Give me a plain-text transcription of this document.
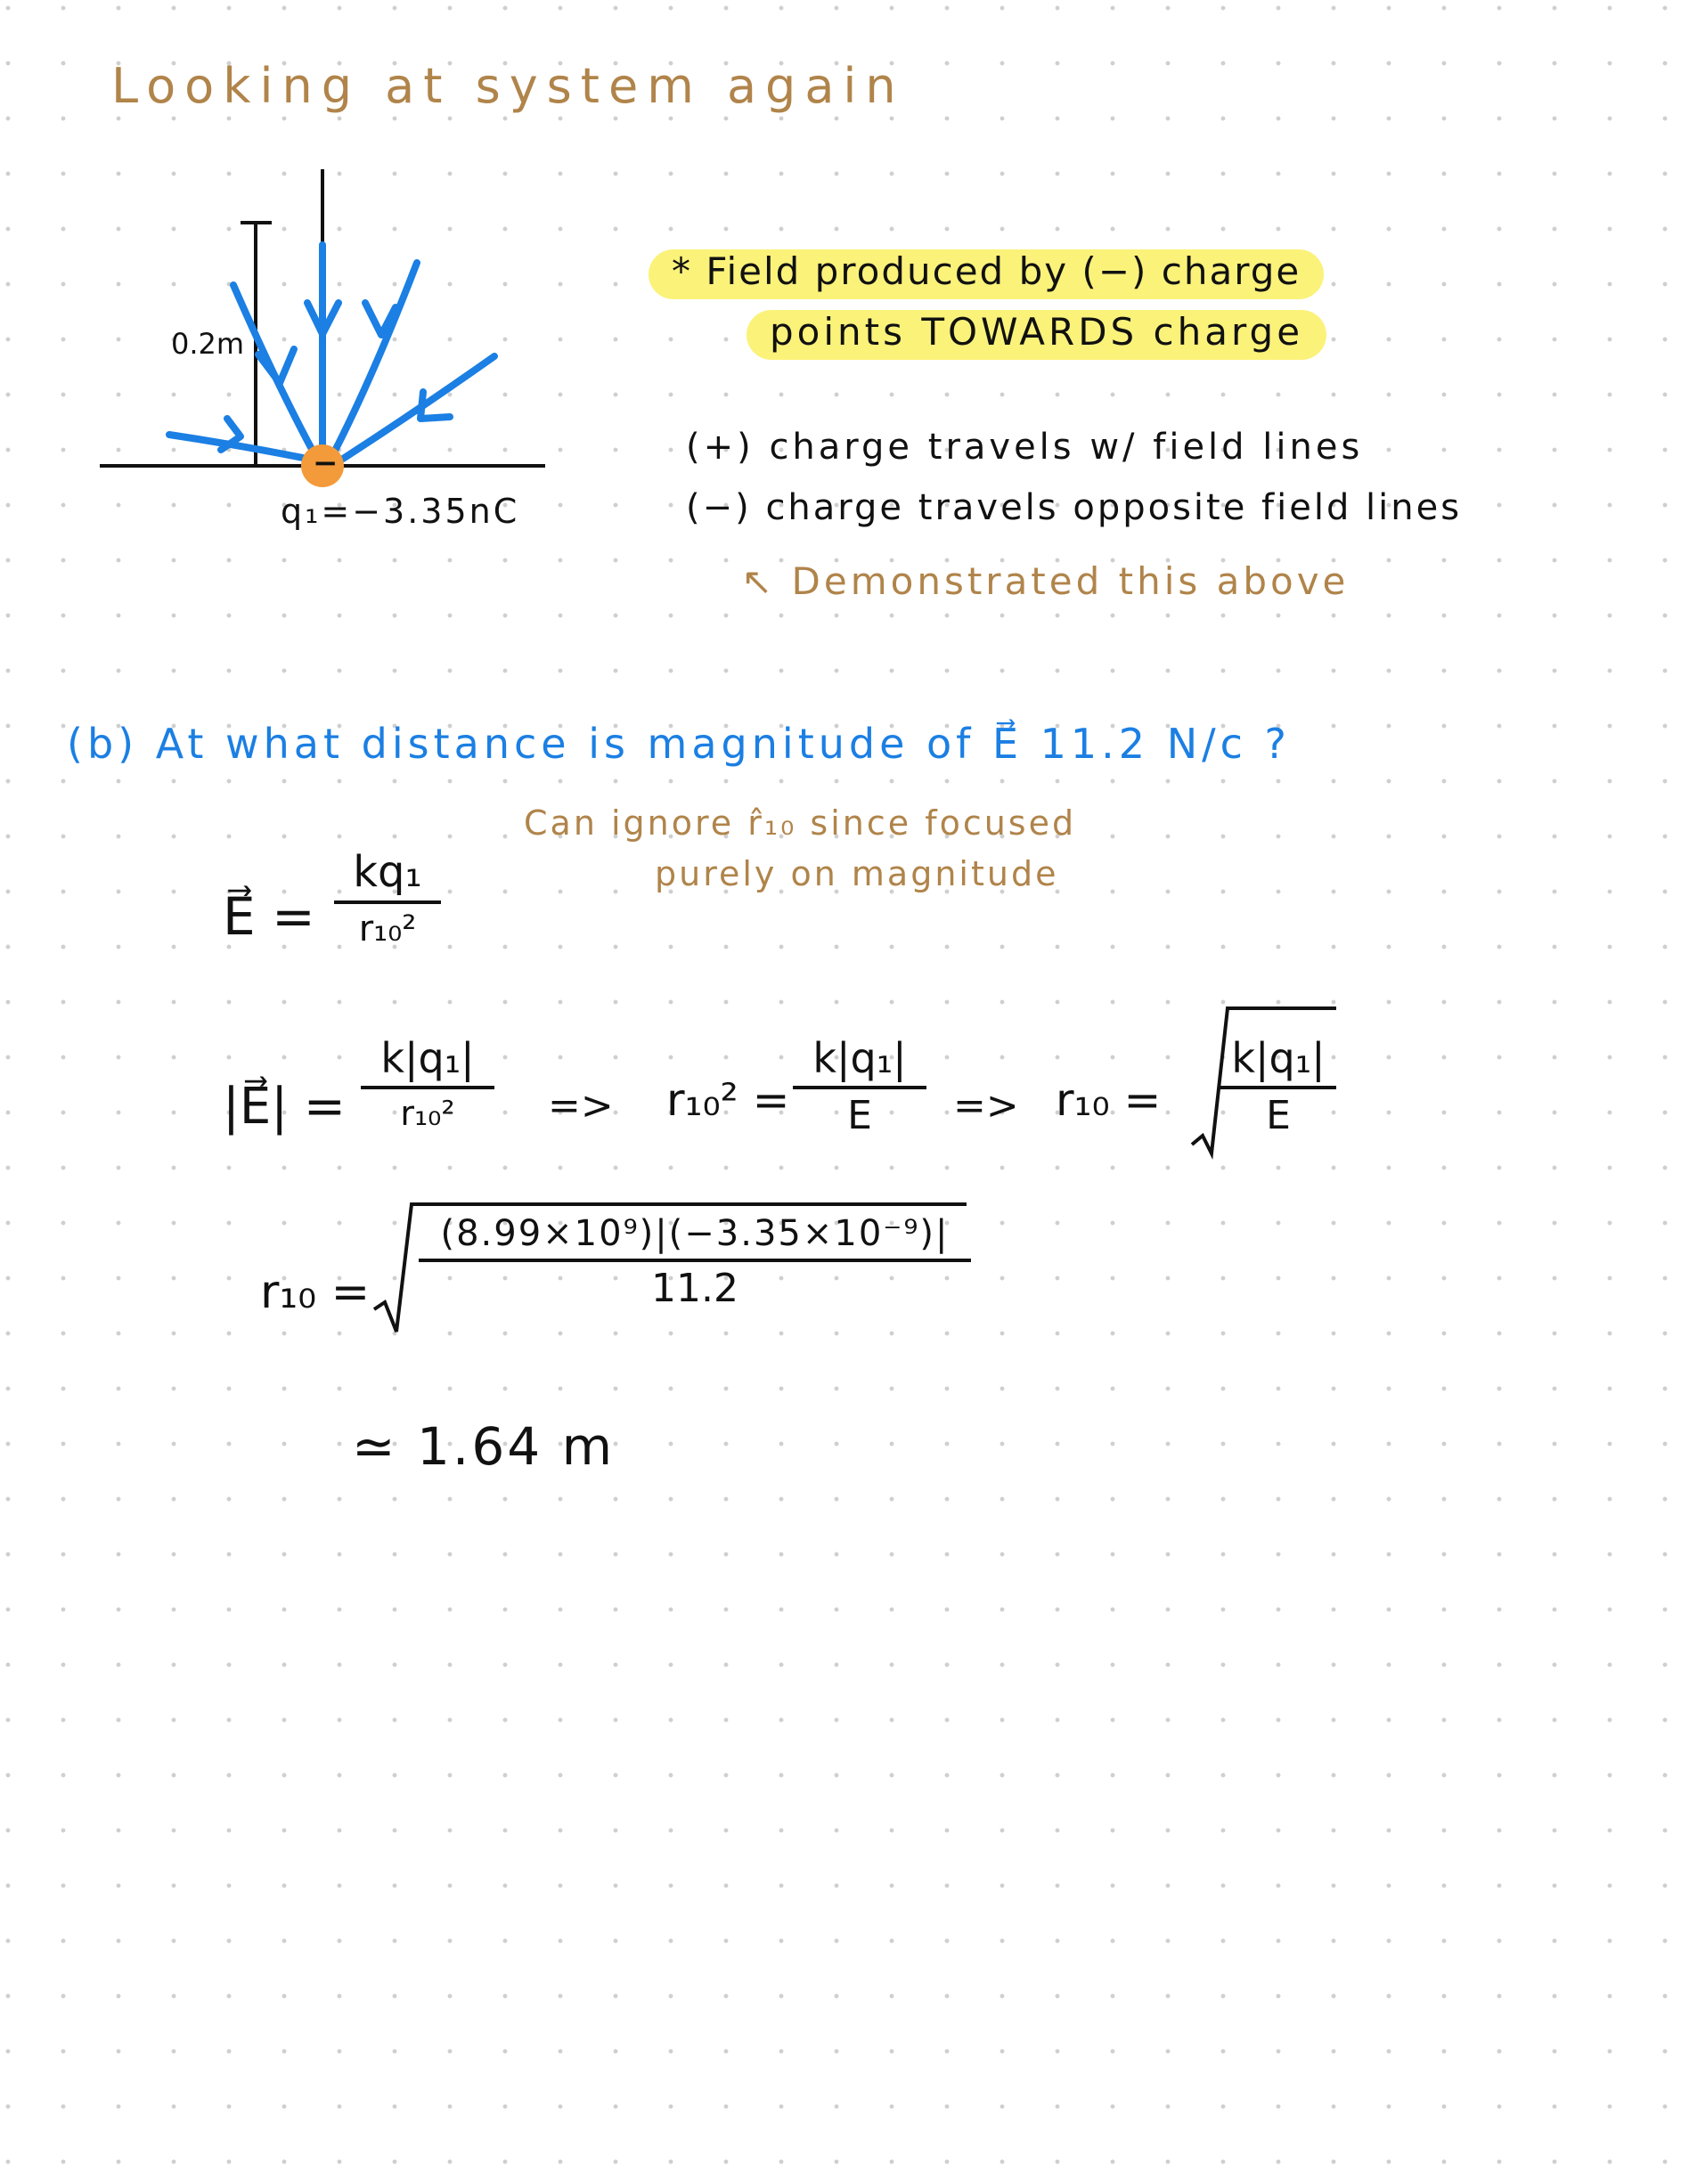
Looking at system again
0.2m
−
q₁=−3.35nC
* Field produced by (−) charge
points TOWARDS charge
(+) charge travels w/ field lines
(−) charge travels opposite field lines
↖ Demonstrated this above
(b) At what distance is magnitude of E⃗ 11.2 N/c ?
Can ignore r̂₁₀ since focused
purely on magnitude
E⃗ =
kq₁
r₁₀²
|E⃗| =
k|q₁|
r₁₀² => r₁₀² =
k|q₁|
E => r₁₀ =
k|q₁|
E
r₁₀ =
(8.99×10⁹)|(−3.35×10⁻⁹)|
11.2
≃ 1.64 m
